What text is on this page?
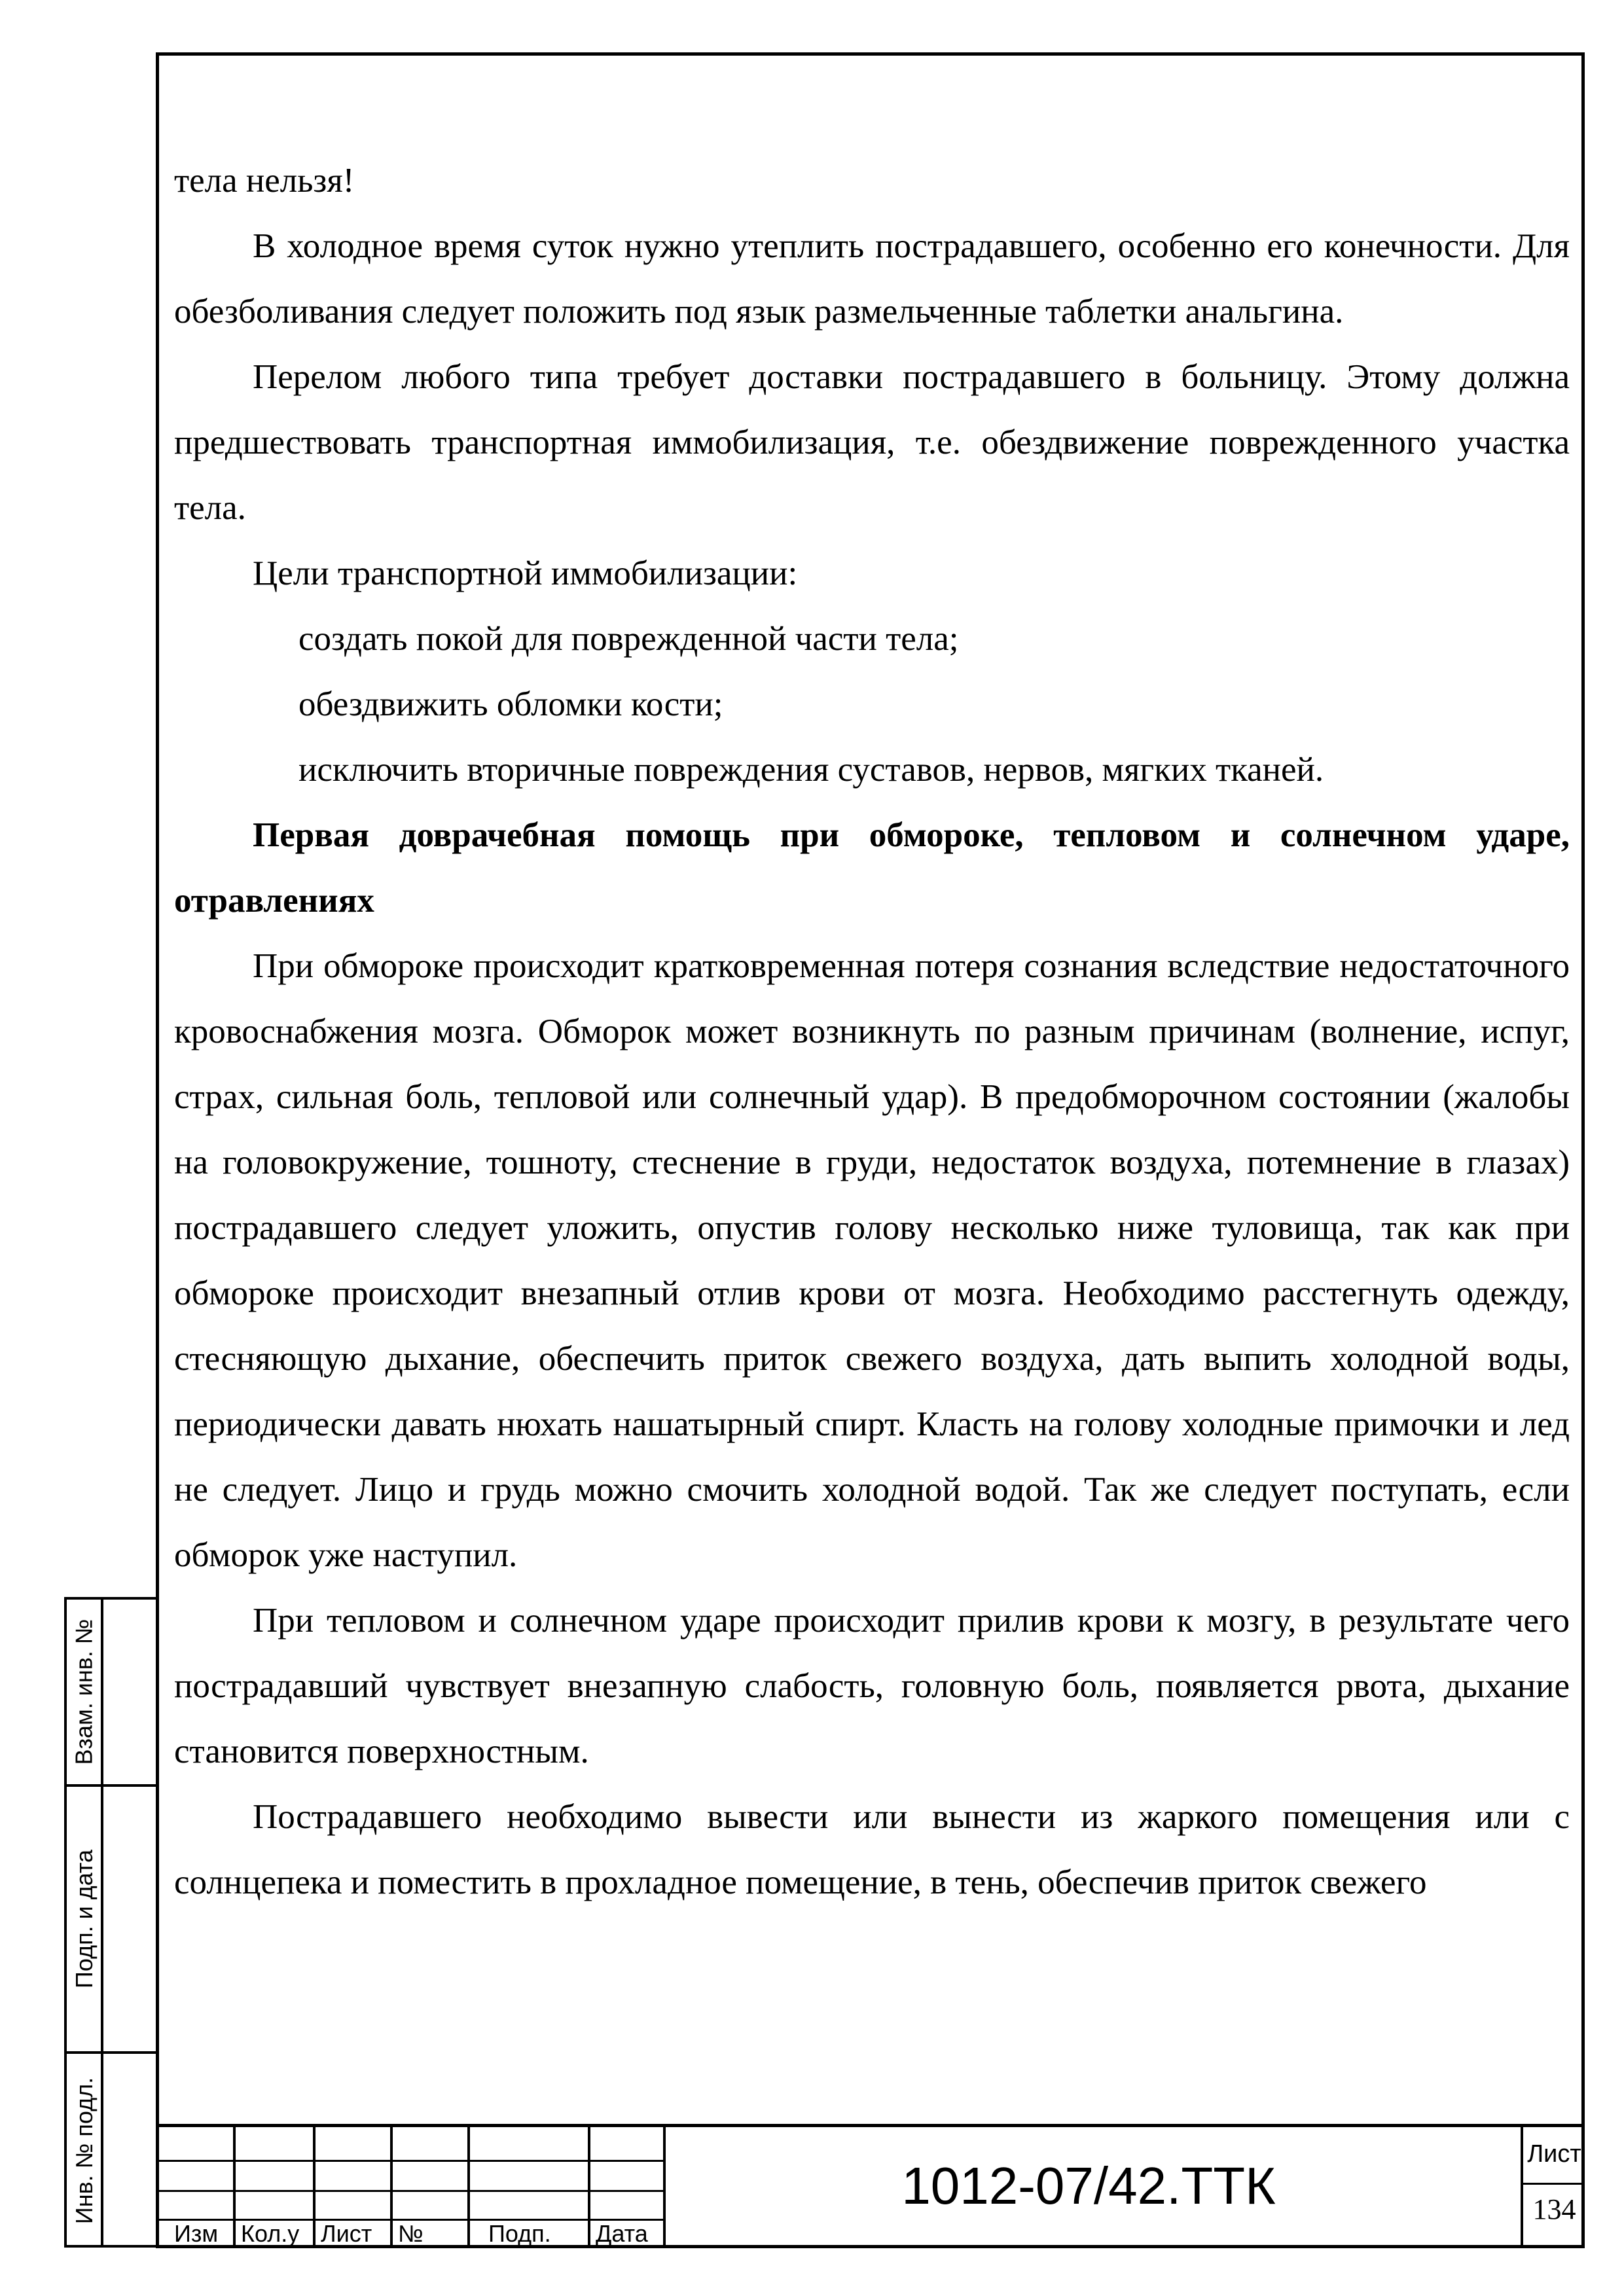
тела нельзя!

В холодное время суток нужно утеплить пострадавшего, особенно его конечности. Для обезболивания следует положить под язык размельченные таблетки анальгина.

Перелом любого типа требует доставки пострадавшего в больницу. Этому должна предшествовать транспортная иммобилизация, т.е. обездвижение поврежденного участка тела.

Цели транспортной иммобилизации:

создать покой для поврежденной части тела;

обездвижить обломки кости;

исключить вторичные повреждения суставов, нервов, мягких тканей.

Первая доврачебная помощь при обмороке, тепловом и солнечном ударе, отравлениях

При обмороке происходит кратковременная потеря сознания вследствие недостаточного кровоснабжения мозга. Обморок может возникнуть по разным причинам (волнение, испуг, страх, сильная боль, тепловой или солнечный удар). В предобморочном состоянии (жалобы на головокружение, тошноту, стеснение в груди, недостаток воздуха, потемнение в глазах) пострадавшего следует уложить, опустив голову несколько ниже туловища, так как при обмороке происходит внезапный отлив крови от мозга. Необходимо расстегнуть одежду, стесняющую дыхание, обеспечить приток свежего воздуха, дать выпить холодной воды, периодически давать нюхать нашатырный спирт. Класть на голову холодные примочки и лед не следует. Лицо и грудь можно смочить холодной водой. Так же следует поступать, если обморок уже наступил.

При тепловом и солнечном ударе происходит прилив крови к мозгу, в результате чего пострадавший чувствует внезапную слабость, головную боль, появляется рвота, дыхание становится поверхностным.

Пострадавшего необходимо вывести или вынести из жаркого помещения или с солнцепека и поместить в прохладное помещение, в тень, обеспечив приток свежего

Взам. инв. №
Подп. и дата
Инв. № подл.
Изм Кол.у Лист №	Подп. Дата
1012-07/42.ТТК
Лист
134
